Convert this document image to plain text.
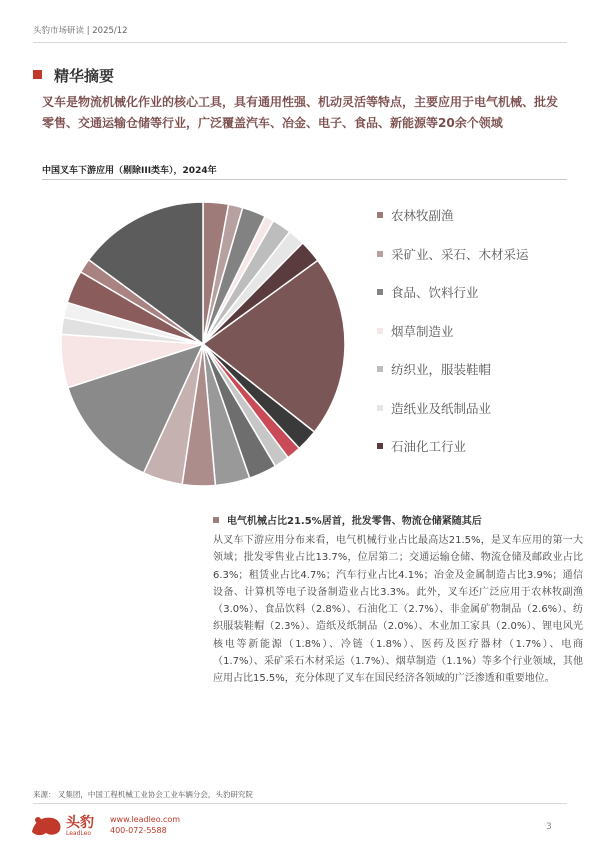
头豹市场研读 | 2025/12
精华摘要
叉车是物流机械化作业的核心工具，具有通用性强、机动灵活等特点，主要应用于电气机械、批发零售、交通运输仓储等行业，广泛覆盖汽车、冶金、电子、食品、新能源等20余个领域
中国叉车下游应用（剔除III类车），2024年
农林牧副渔
采矿业、采石、木材采运
食品、饮料行业
烟草制造业
纺织业，服装鞋帽
造纸业及纸制品业
石油化工行业
电气机械占比21.5%居首，批发零售、物流仓储紧随其后
从叉车下游应用分布来看，电气机械行业占比最高达21.5%，是叉车应用的第一大领域；批发零售业占比13.7%，位居第二；交通运输仓储、物流仓储及邮政业占比6.3%；租赁业占比4.7%；汽车行业占比4.1%；冶金及金属制造占比3.9%；通信设备、计算机等电子设备制造业占比3.3%。此外，叉车还广泛应用于农林牧副渔（3.0%）、食品饮料（2.8%）、石油化工（2.7%）、非金属矿物制品（2.6%）、纺织服装鞋帽（2.3%）、造纸及纸制品（2.0%）、木业加工家具（2.0%）、锂电风光核电等新能源（1.8%）、冷链（1.8%）、医药及医疗器材（1.7%）、电商（1.7%）、采矿采石木材采运（1.7%）、烟草制造（1.1%）等多个行业领域，其他应用占比15.5%，充分体现了叉车在国民经济各领域的广泛渗透和重要地位。
来源： 叉集团，中国工程机械工业协会工业车辆分会，头豹研究院
头豹
LeadLeo
www.leadleo.com
400-072-5588	3
